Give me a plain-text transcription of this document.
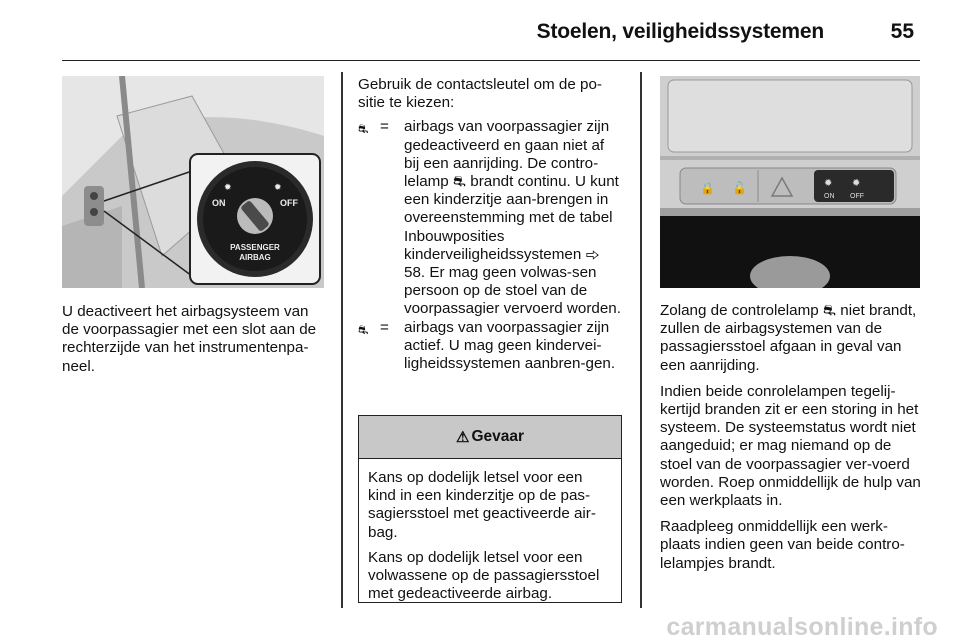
Stoelen, veiligheidssystemen	55
✹	✹
ON	OFF
PASSENGER
AIRBAG

U deactiveert het airbagsysteem van de voorpassagier met een slot aan de rechterzijde van het instrumentenpa-neel.

Gebruik de contactsleutel om de po-sitie te kiezen:

⛐ = airbags van voorpassagier zijn gedeactiveerd en gaan niet af bij een aanrijding. De contro-lelamp ⛐ brandt continu. U kunt een kinderzitje aan-brengen in overeenstemming met de tabel Inbouwposities kinderveiligheidssystemen ⇨ 58. Er mag geen volwas-sen persoon op de stoel van de voorpassagier vervoerd worden.
⛐ = airbags van voorpassagier zijn actief. U mag geen kindervei-ligheidssystemen aanbren-gen.
⚠ Gevaar

Kans op dodelijk letsel voor een kind in een kinderzitje op de pas-sagiersstoel met geactiveerde air-bag.

Kans op dodelijk letsel voor een volwassene op de passagiersstoel met gedeactiveerde airbag.

🔒 🔓	✹ ✹
ON OFF

Zolang de controlelamp ⛐ niet brandt, zullen de airbagsystemen van de passagiersstoel afgaan in geval van een aanrijding.

Indien beide conrolelampen tegelij-kertijd branden zit er een storing in het systeem. De systeemstatus wordt niet aangeduid; er mag niemand op de stoel van de voorpassagier ver-voerd worden. Roep onmiddellijk de hulp van een werkplaats in.

Raadpleeg onmiddellijk een werk-plaats indien geen van beide contro-lelampjes brandt.

carmanualsonline.info
